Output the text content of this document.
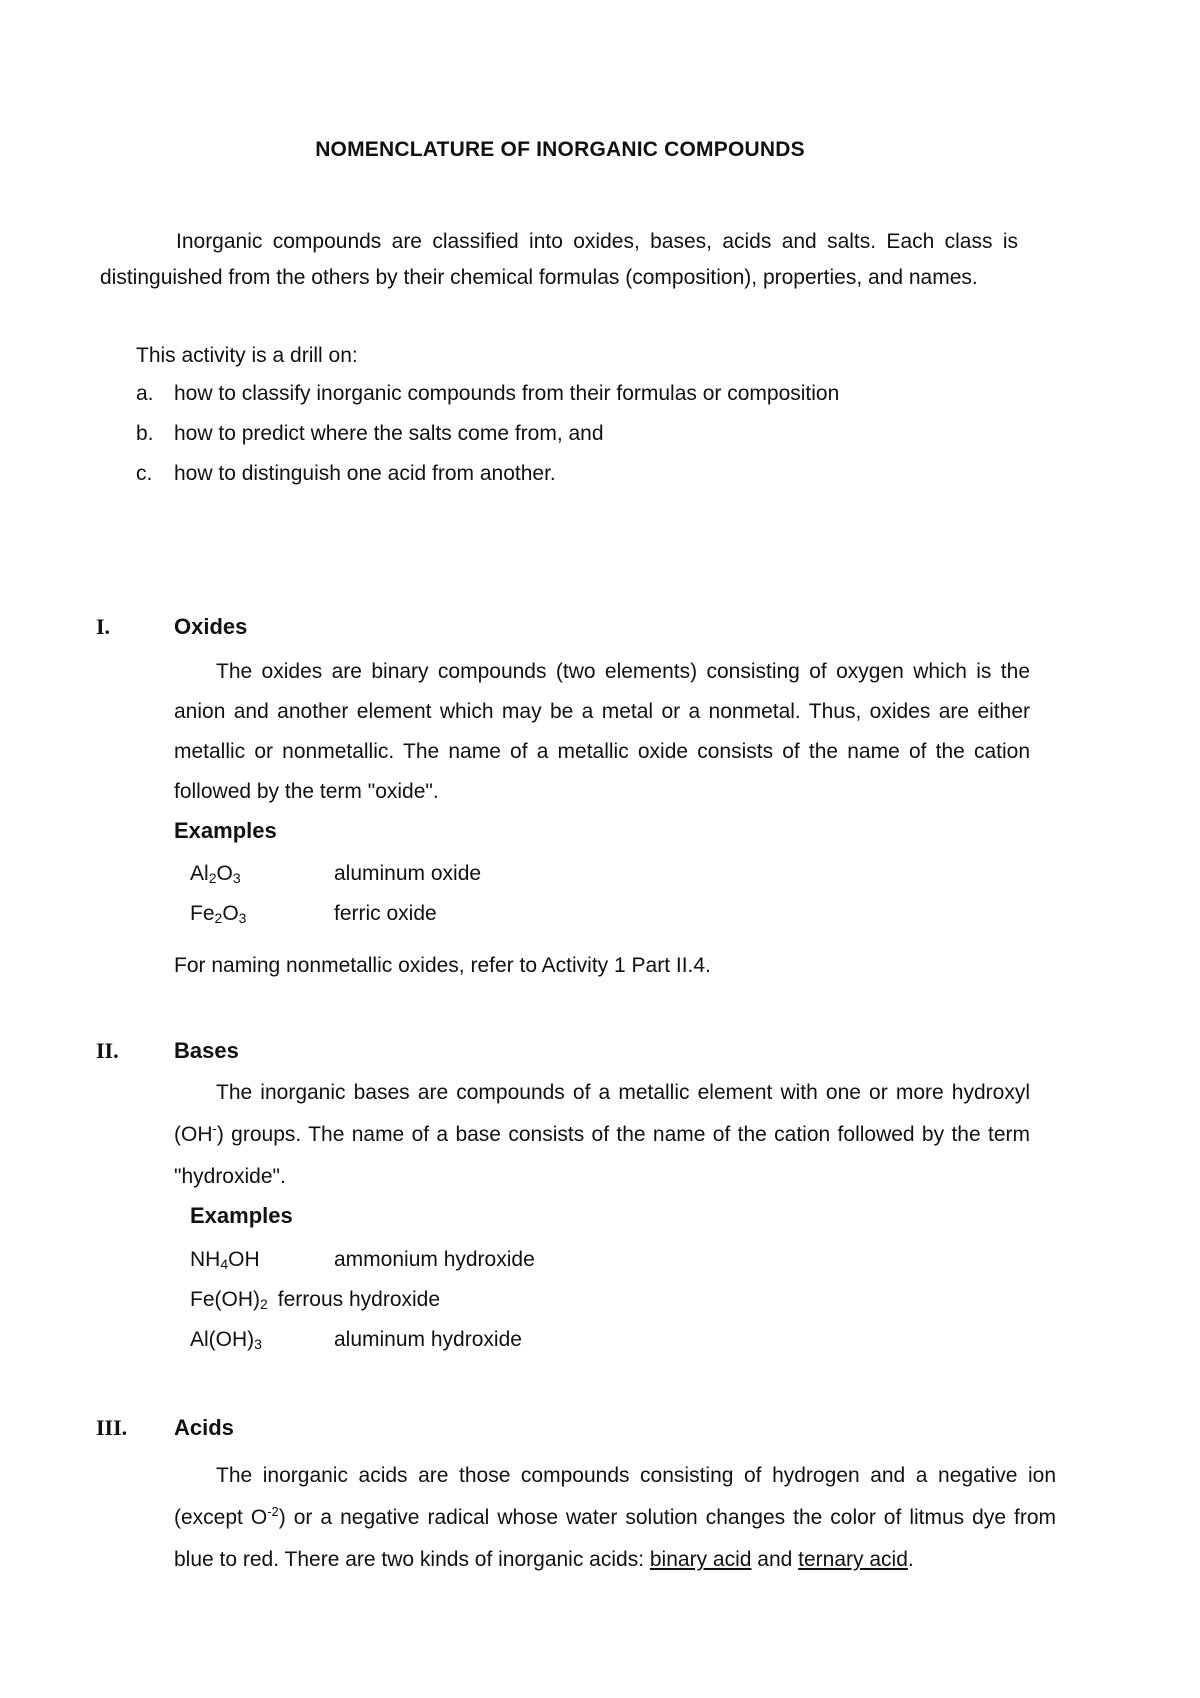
NOMENCLATURE OF INORGANIC COMPOUNDS
Inorganic compounds are classified into oxides, bases, acids and salts. Each class is distinguished from the others by their chemical formulas (composition), properties, and names.
This activity is a drill on:
a. how to classify inorganic compounds from their formulas or composition
b. how to predict where the salts come from, and
c.	how to distinguish one acid from another.
I.	Oxides
The oxides are binary compounds (two elements) consisting of oxygen which is the anion and another element which may be a metal or a nonmetal. Thus, oxides are either metallic or nonmetallic. The name of a metallic oxide consists of the name of the cation followed by the term "oxide".
Examples
$Al_2O_3$	aluminum oxide
$Fe_2O_3$	ferric oxide
For naming nonmetallic oxides, refer to Activity 1 Part II.4.
II.	Bases
The inorganic bases are compounds of a metallic element with one or more hydroxyl (OH-) groups. The name of a base consists of the name of the cation followed by the term "hydroxide".
Examples
$NH_4OH$	ammonium hydroxide
$Fe(OH)_2$ ferrous hydroxide
$Al(OH)_3$	aluminum hydroxide
III. Acids
The inorganic acids are those compounds consisting of hydrogen and a negative ion (except $O^{-2}$) or a negative radical whose water solution changes the color of litmus dye from blue to red. There are two kinds of inorganic acids: binary acid and ternary acid.
